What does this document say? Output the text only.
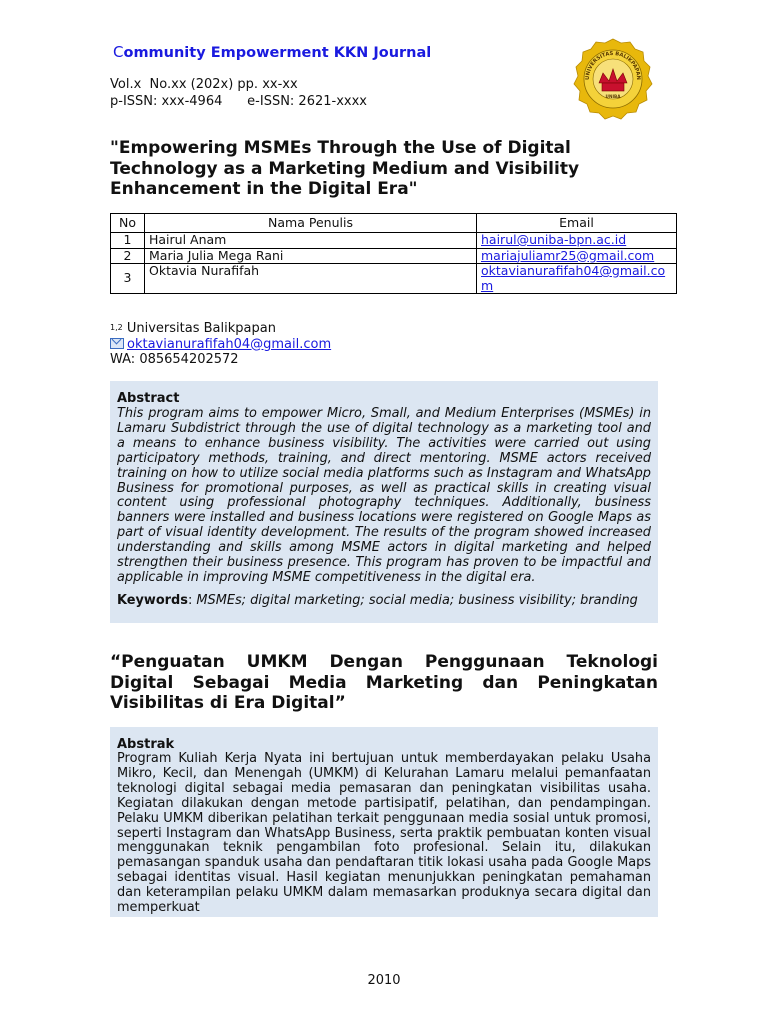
Community Empowerment KKN Journal
Vol.x  No.xx (202x) pp. xx-xx
p-ISSN: xxx-4964      e-ISSN: 2621-xxxx
UNIVERSITAS BALIKPAPAN
UNIBA
"Empowering MSMEs Through the Use of Digital Technology as a Marketing Medium and Visibility Enhancement in the Digital Era"
No	Nama Penulis	Email
1	Hairul Anam	hairul@uniba-bpn.ac.id
2	Maria Julia Mega Rani	mariajuliamr25@gmail.com
3	Oktavia Nurafifah	oktavianurafifah04@gmail.com
$^{1,2}$ Universitas Balikpapan
oktavianurafifah04@gmail.com
WA: 085654202572
Abstract
This program aims to empower Micro, Small, and Medium Enterprises (MSMEs) in Lamaru Subdistrict through the use of digital technology as a marketing tool and a means to enhance business visibility. The activities were carried out using participatory methods, training, and direct mentoring. MSME actors received training on how to utilize social media platforms such as Instagram and WhatsApp Business for promotional purposes, as well as practical skills in creating visual content using professional photography techniques. Additionally, business banners were installed and business locations were registered on Google Maps as part of visual identity development. The results of the program showed increased understanding and skills among MSME actors in digital marketing and helped strengthen their business presence. This program has proven to be impactful and applicable in improving MSME competitiveness in the digital era.
Keywords: MSMEs; digital marketing; social media; business visibility; branding
“Penguatan UMKM Dengan Penggunaan Teknologi Digital Sebagai Media Marketing dan Peningkatan Visibilitas di Era Digital”
Abstrak
Program Kuliah Kerja Nyata ini bertujuan untuk memberdayakan pelaku Usaha Mikro, Kecil, dan Menengah (UMKM) di Kelurahan Lamaru melalui pemanfaatan teknologi digital sebagai media pemasaran dan peningkatan visibilitas usaha. Kegiatan dilakukan dengan metode partisipatif, pelatihan, dan pendampingan. Pelaku UMKM diberikan pelatihan terkait penggunaan media sosial untuk promosi, seperti Instagram dan WhatsApp Business, serta praktik pembuatan konten visual menggunakan teknik pengambilan foto profesional. Selain itu, dilakukan pemasangan spanduk usaha dan pendaftaran titik lokasi usaha pada Google Maps sebagai identitas visual. Hasil kegiatan menunjukkan peningkatan pemahaman dan keterampilan pelaku UMKM dalam memasarkan produknya secara digital dan memperkuat
2010
